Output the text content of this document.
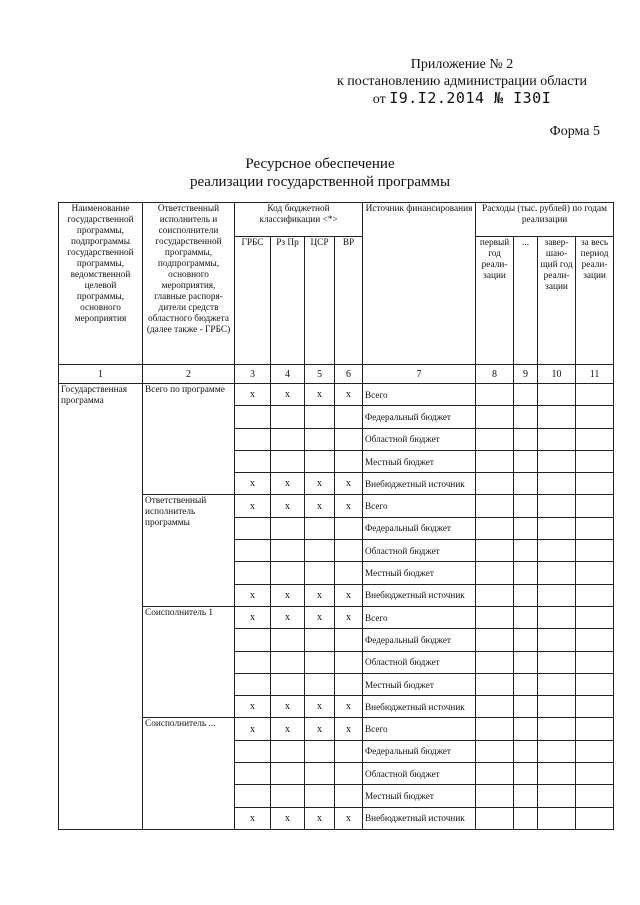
Приложение № 2
к постановлению администрации области
от I9.I2.2014 № I30I
Форма 5
Ресурсное обеспечение
реализации государственной программы
Наименование государственной программы, подпрограммы государственной программы, ведомственной целевой программы, основного мероприятия	Ответственный исполнитель и соисполнители государственной программы, подпрограммы, основного мероприятия, главные распоря-дители средств областного бюджета (далее также - ГРБС)	Код бюджетной классификации <*>				Источник финансирования	Расходы (тыс. рублей) по годам реализации			
		ГРБС	Рз Пр	ЦСР	ВР		первый год реали-зации	...	завер-шаю-щий год реали-зации	за весь период реали-зации
1	2	3	4	5	6	7	8	9	10	11
Государственная программа	Всего по программе	x	x	x	x	Всего				
						Федеральный бюджет				
						Областной бюджет				
						Местный бюджет				
		x	x	x	x	Внебюджетный источник				
	Ответственный исполнитель программы	x	x	x	x	Всего				
						Федеральный бюджет				
						Областной бюджет				
						Местный бюджет				
		x	x	x	x	Внебюджетный источник				
	Соисполнитель 1	x	x	x	x	Всего				
						Федеральный бюджет				
						Областной бюджет				
						Местный бюджет				
		x	x	x	x	Внебюджетный источник				
	Соисполнитель ...	x	x	x	x	Всего				
						Федеральный бюджет				
						Областной бюджет				
						Местный бюджет				
		x	x	x	x	Внебюджетный источник				
